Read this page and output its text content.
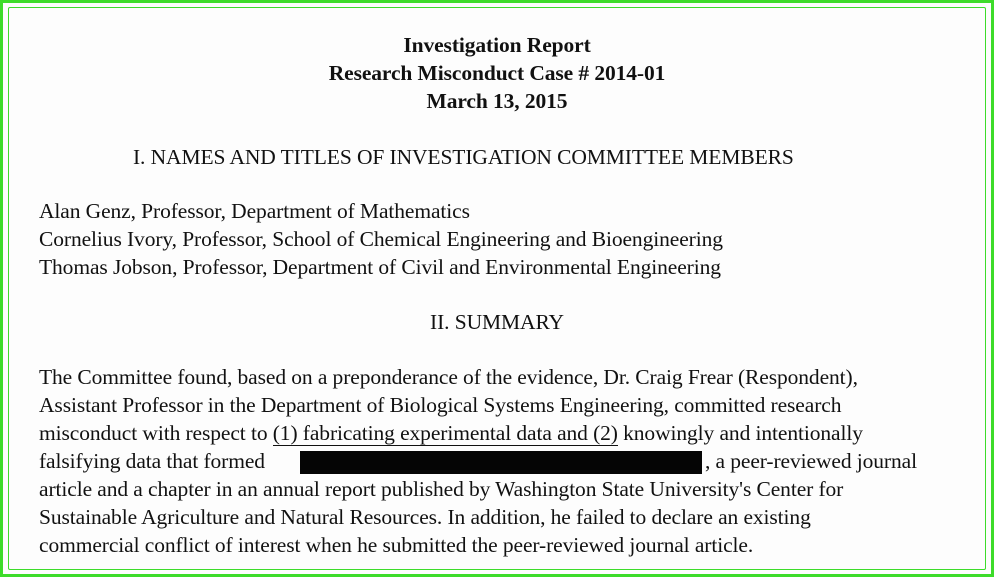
Investigation Report
Research Misconduct Case # 2014-01
March 13, 2015
I. NAMES AND TITLES OF INVESTIGATION COMMITTEE MEMBERS
Alan Genz, Professor, Department of Mathematics
Cornelius Ivory, Professor, School of Chemical Engineering and Bioengineering
Thomas Jobson, Professor, Department of Civil and Environmental Engineering
II. SUMMARY
The Committee found, based on a preponderance of the evidence, Dr. Craig Frear (Respondent),
Assistant Professor in the Department of Biological Systems Engineering, committed research
misconduct with respect to (1) fabricating experimental data and (2) knowingly and intentionally
falsifying data that formed	, a peer-reviewed journal
article and a chapter in an annual report published by Washington State University's Center for
Sustainable Agriculture and Natural Resources. In addition, he failed to declare an existing
commercial conflict of interest when he submitted the peer-reviewed journal article.
